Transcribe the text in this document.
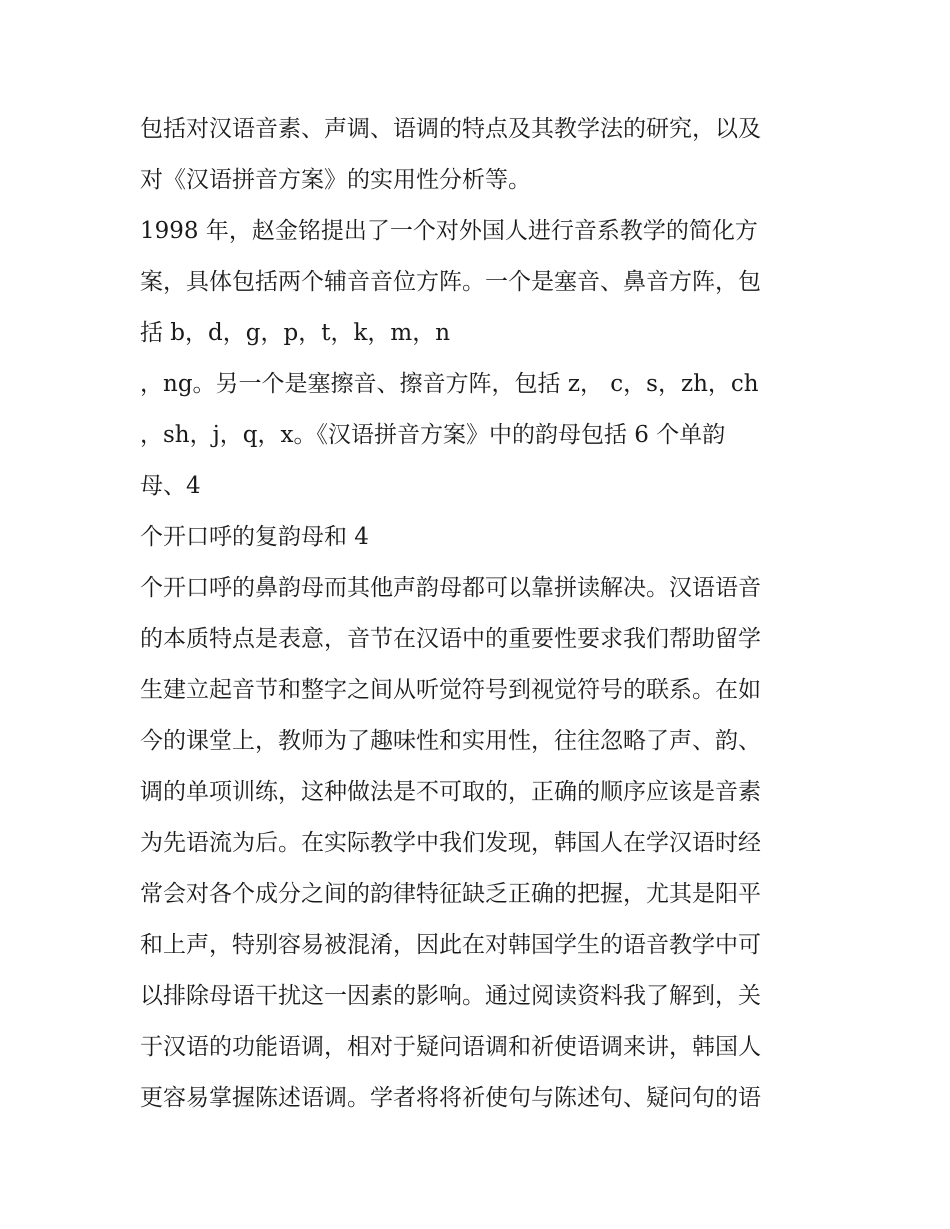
包括对汉语音素、声调、语调的特点及其教学法的研究，以及
对《汉语拼音方案》的实用性分析等。
1998 年，赵金铭提出了一个对外国人进行音系教学的简化方
案，具体包括两个辅音音位方阵。一个是塞音、鼻音方阵，包
括 b，d，g，p，t，k，m，n
，ng。另一个是塞擦音、擦音方阵，包括 z， c，s，zh，ch
，sh，j，q，x。《汉语拼音方案》中的韵母包括 6 个单韵
母、4
个开口呼的复韵母和 4
个开口呼的鼻韵母而其他声韵母都可以靠拼读解决。汉语语音
的本质特点是表意，音节在汉语中的重要性要求我们帮助留学
生建立起音节和整字之间从听觉符号到视觉符号的联系。在如
今的课堂上，教师为了趣味性和实用性，往往忽略了声、韵、
调的单项训练，这种做法是不可取的，正确的顺序应该是音素
为先语流为后。在实际教学中我们发现，韩国人在学汉语时经
常会对各个成分之间的韵律特征缺乏正确的把握，尤其是阳平
和上声，特别容易被混淆，因此在对韩国学生的语音教学中可
以排除母语干扰这一因素的影响。通过阅读资料我了解到，关
于汉语的功能语调，相对于疑问语调和祈使语调来讲，韩国人
更容易掌握陈述语调。学者将将祈使句与陈述句、疑问句的语
